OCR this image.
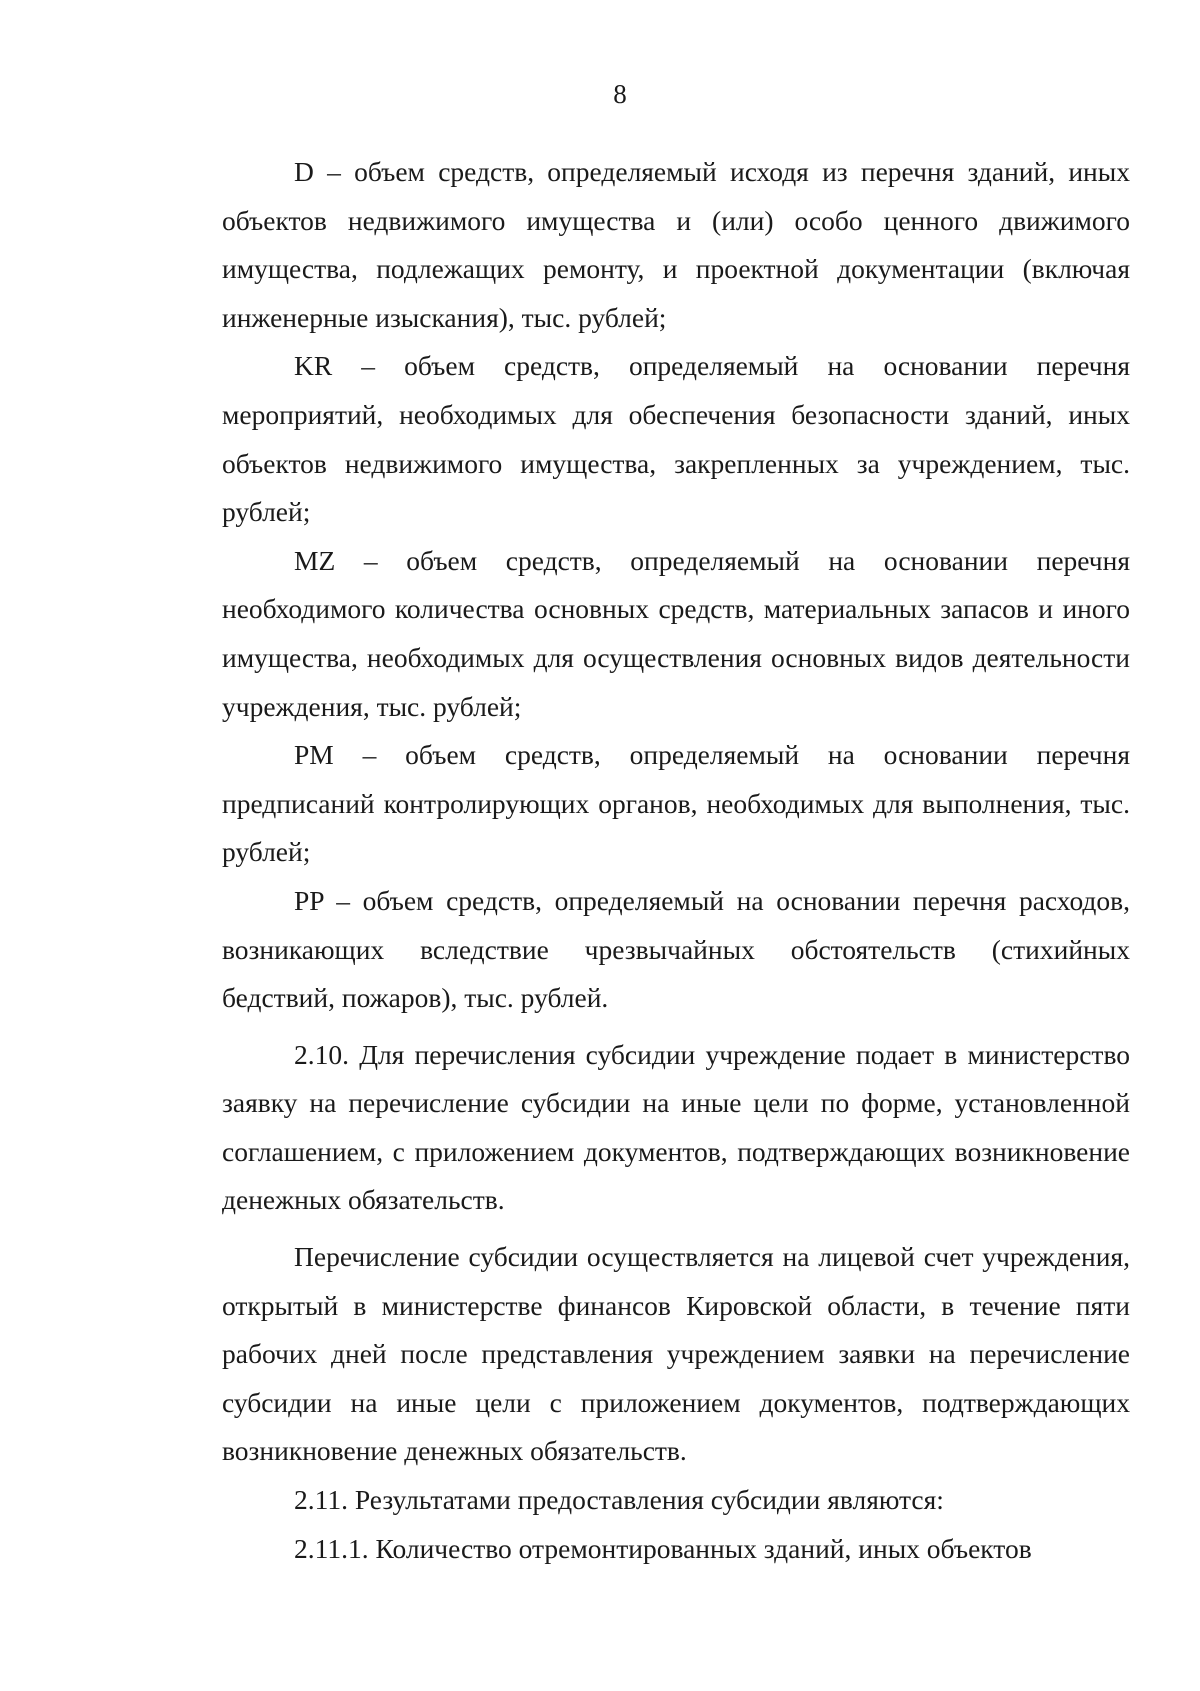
8

D – объем средств, определяемый исходя из перечня зданий, иных объектов недвижимого имущества и (или) особо ценного движимого имущества, подлежащих ремонту, и проектной документации (включая инженерные изыскания), тыс. рублей;

KR – объем средств, определяемый на основании перечня мероприятий, необходимых для обеспечения безопасности зданий, иных объектов недвижимого имущества, закрепленных за учреждением, тыс. рублей;

MZ – объем средств, определяемый на основании перечня необходимого количества основных средств, материальных запасов и иного имущества, необходимых для осуществления основных видов деятельности учреждения, тыс. рублей;

PM – объем средств, определяемый на основании перечня предписаний контролирующих органов, необходимых для выполнения, тыс. рублей;

PP – объем средств, определяемый на основании перечня расходов, возникающих вследствие чрезвычайных обстоятельств (стихийных бедствий, пожаров), тыс. рублей.

2.10. Для перечисления субсидии учреждение подает в министерство заявку на перечисление субсидии на иные цели по форме, установленной соглашением, с приложением документов, подтверждающих возникновение денежных обязательств.

Перечисление субсидии осуществляется на лицевой счет учреждения, открытый в министерстве финансов Кировской области, в течение пяти рабочих дней после представления учреждением заявки на перечисление субсидии на иные цели с приложением документов, подтверждающих возникновение денежных обязательств.

2.11. Результатами предоставления субсидии являются:

2.11.1. Количество отремонтированных зданий, иных объектов
